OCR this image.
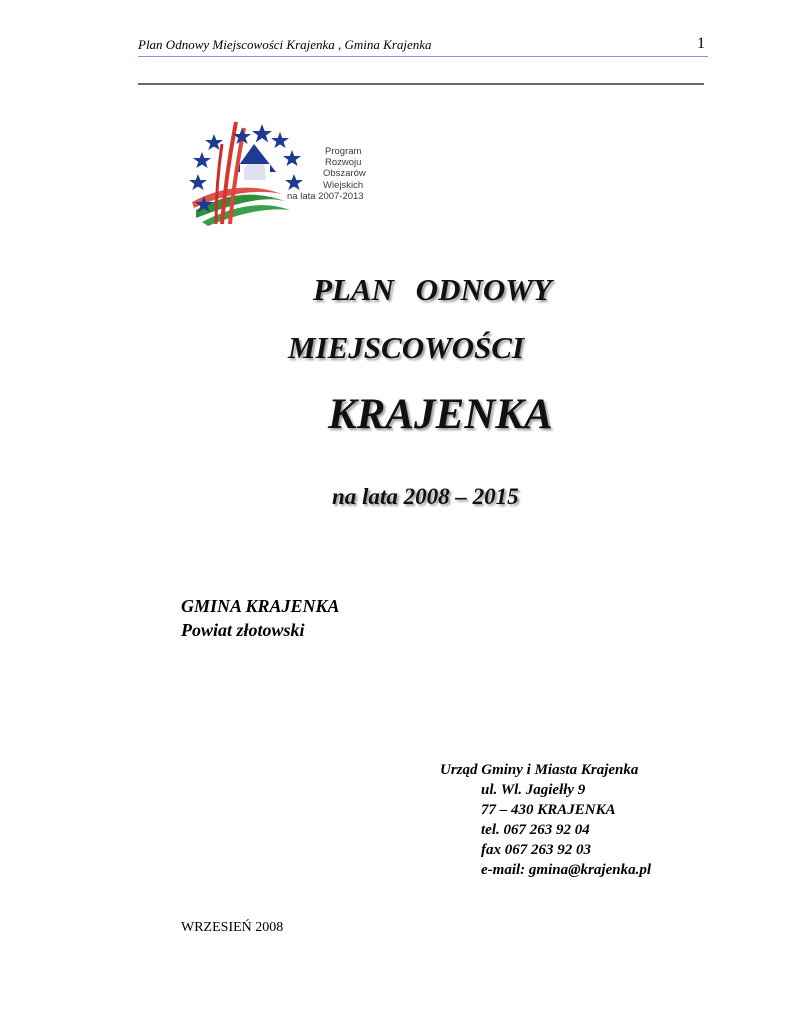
Plan Odnowy Miejscowości Krajenka , Gmina Krajenka	1
Program
Rozwoju
Obszarów
Wiejskich
na lata 2007-2013
PLAN ODNOWY
MIEJSCOWOŚCI
KRAJENKA
na lata 2008 – 2015
GMINA KRAJENKA
Powiat złotowski
Urząd Gminy i Miasta Krajenka
ul. Wl. Jagiełły 9
77 – 430 KRAJENKA
tel. 067 263 92 04
fax 067 263 92 03
e-mail: gmina@krajenka.pl
WRZESIEŃ 2008
